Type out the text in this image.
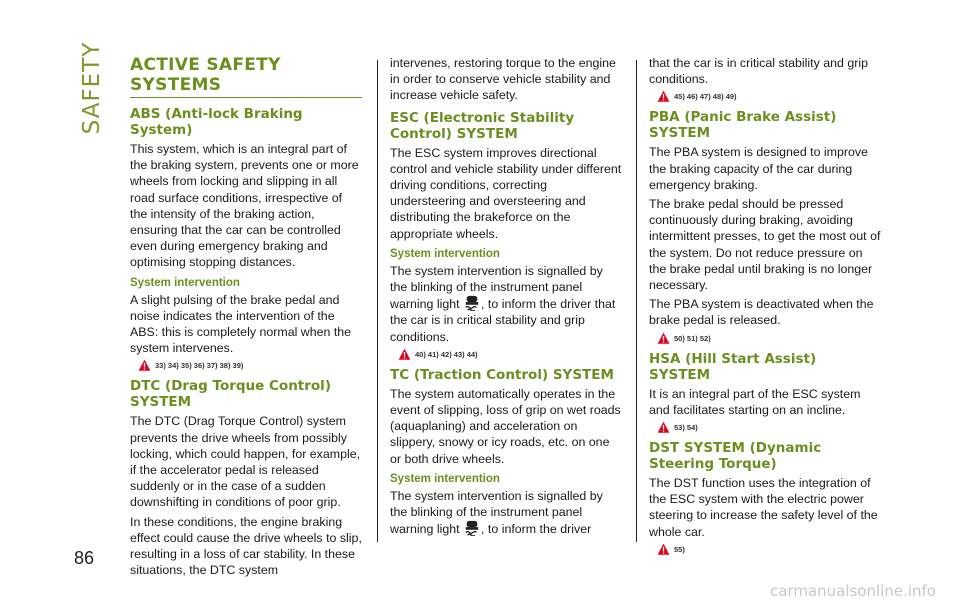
SAFETY
86
ACTIVE SAFETY SYSTEMS
ABS (Anti-lock Braking System)

This system, which is an integral part of the braking system, prevents one or more wheels from locking and slipping in all road surface conditions, irrespective of the intensity of the braking action, ensuring that the car can be controlled even during emergency braking and optimising stopping distances.

System intervention

A slight pulsing of the brake pedal and noise indicates the intervention of the ABS: this is completely normal when the system intervenes.

33) 34) 35) 36) 37) 38) 39)
DTC (Drag Torque Control) SYSTEM

The DTC (Drag Torque Control) system prevents the drive wheels from possibly locking, which could happen, for example, if the accelerator pedal is released suddenly or in the case of a sudden downshifting in conditions of poor grip.

In these conditions, the engine braking effect could cause the drive wheels to slip, resulting in a loss of car stability. In these situations, the DTC system

intervenes, restoring torque to the engine in order to conserve vehicle stability and increase vehicle safety.

ESC (Electronic Stability Control) SYSTEM

The ESC system improves directional control and vehicle stability under different driving conditions, correcting understeering and oversteering and distributing the brakeforce on the appropriate wheels.

System intervention

The system intervention is signalled by the blinking of the instrument panel warning light , to inform the driver that the car is in critical stability and grip conditions.

40) 41) 42) 43) 44)
TC (Traction Control) SYSTEM

The system automatically operates in the event of slipping, loss of grip on wet roads (aquaplaning) and acceleration on slippery, snowy or icy roads, etc. on one or both drive wheels.

System intervention

The system intervention is signalled by the blinking of the instrument panel warning light , to inform the driver

that the car is in critical stability and grip conditions.

45) 46) 47) 48) 49)
PBA (Panic Brake Assist) SYSTEM

The PBA system is designed to improve the braking capacity of the car during emergency braking.

The brake pedal should be pressed continuously during braking, avoiding intermittent presses, to get the most out of the system. Do not reduce pressure on the brake pedal until braking is no longer necessary.

The PBA system is deactivated when the brake pedal is released.

50) 51) 52)
HSA (Hill Start Assist) SYSTEM

It is an integral part of the ESC system and facilitates starting on an incline.

53) 54)
DST SYSTEM (Dynamic Steering Torque)

The DST function uses the integration of the ESC system with the electric power steering to increase the safety level of the whole car.

55)
carmanualsonline.info
